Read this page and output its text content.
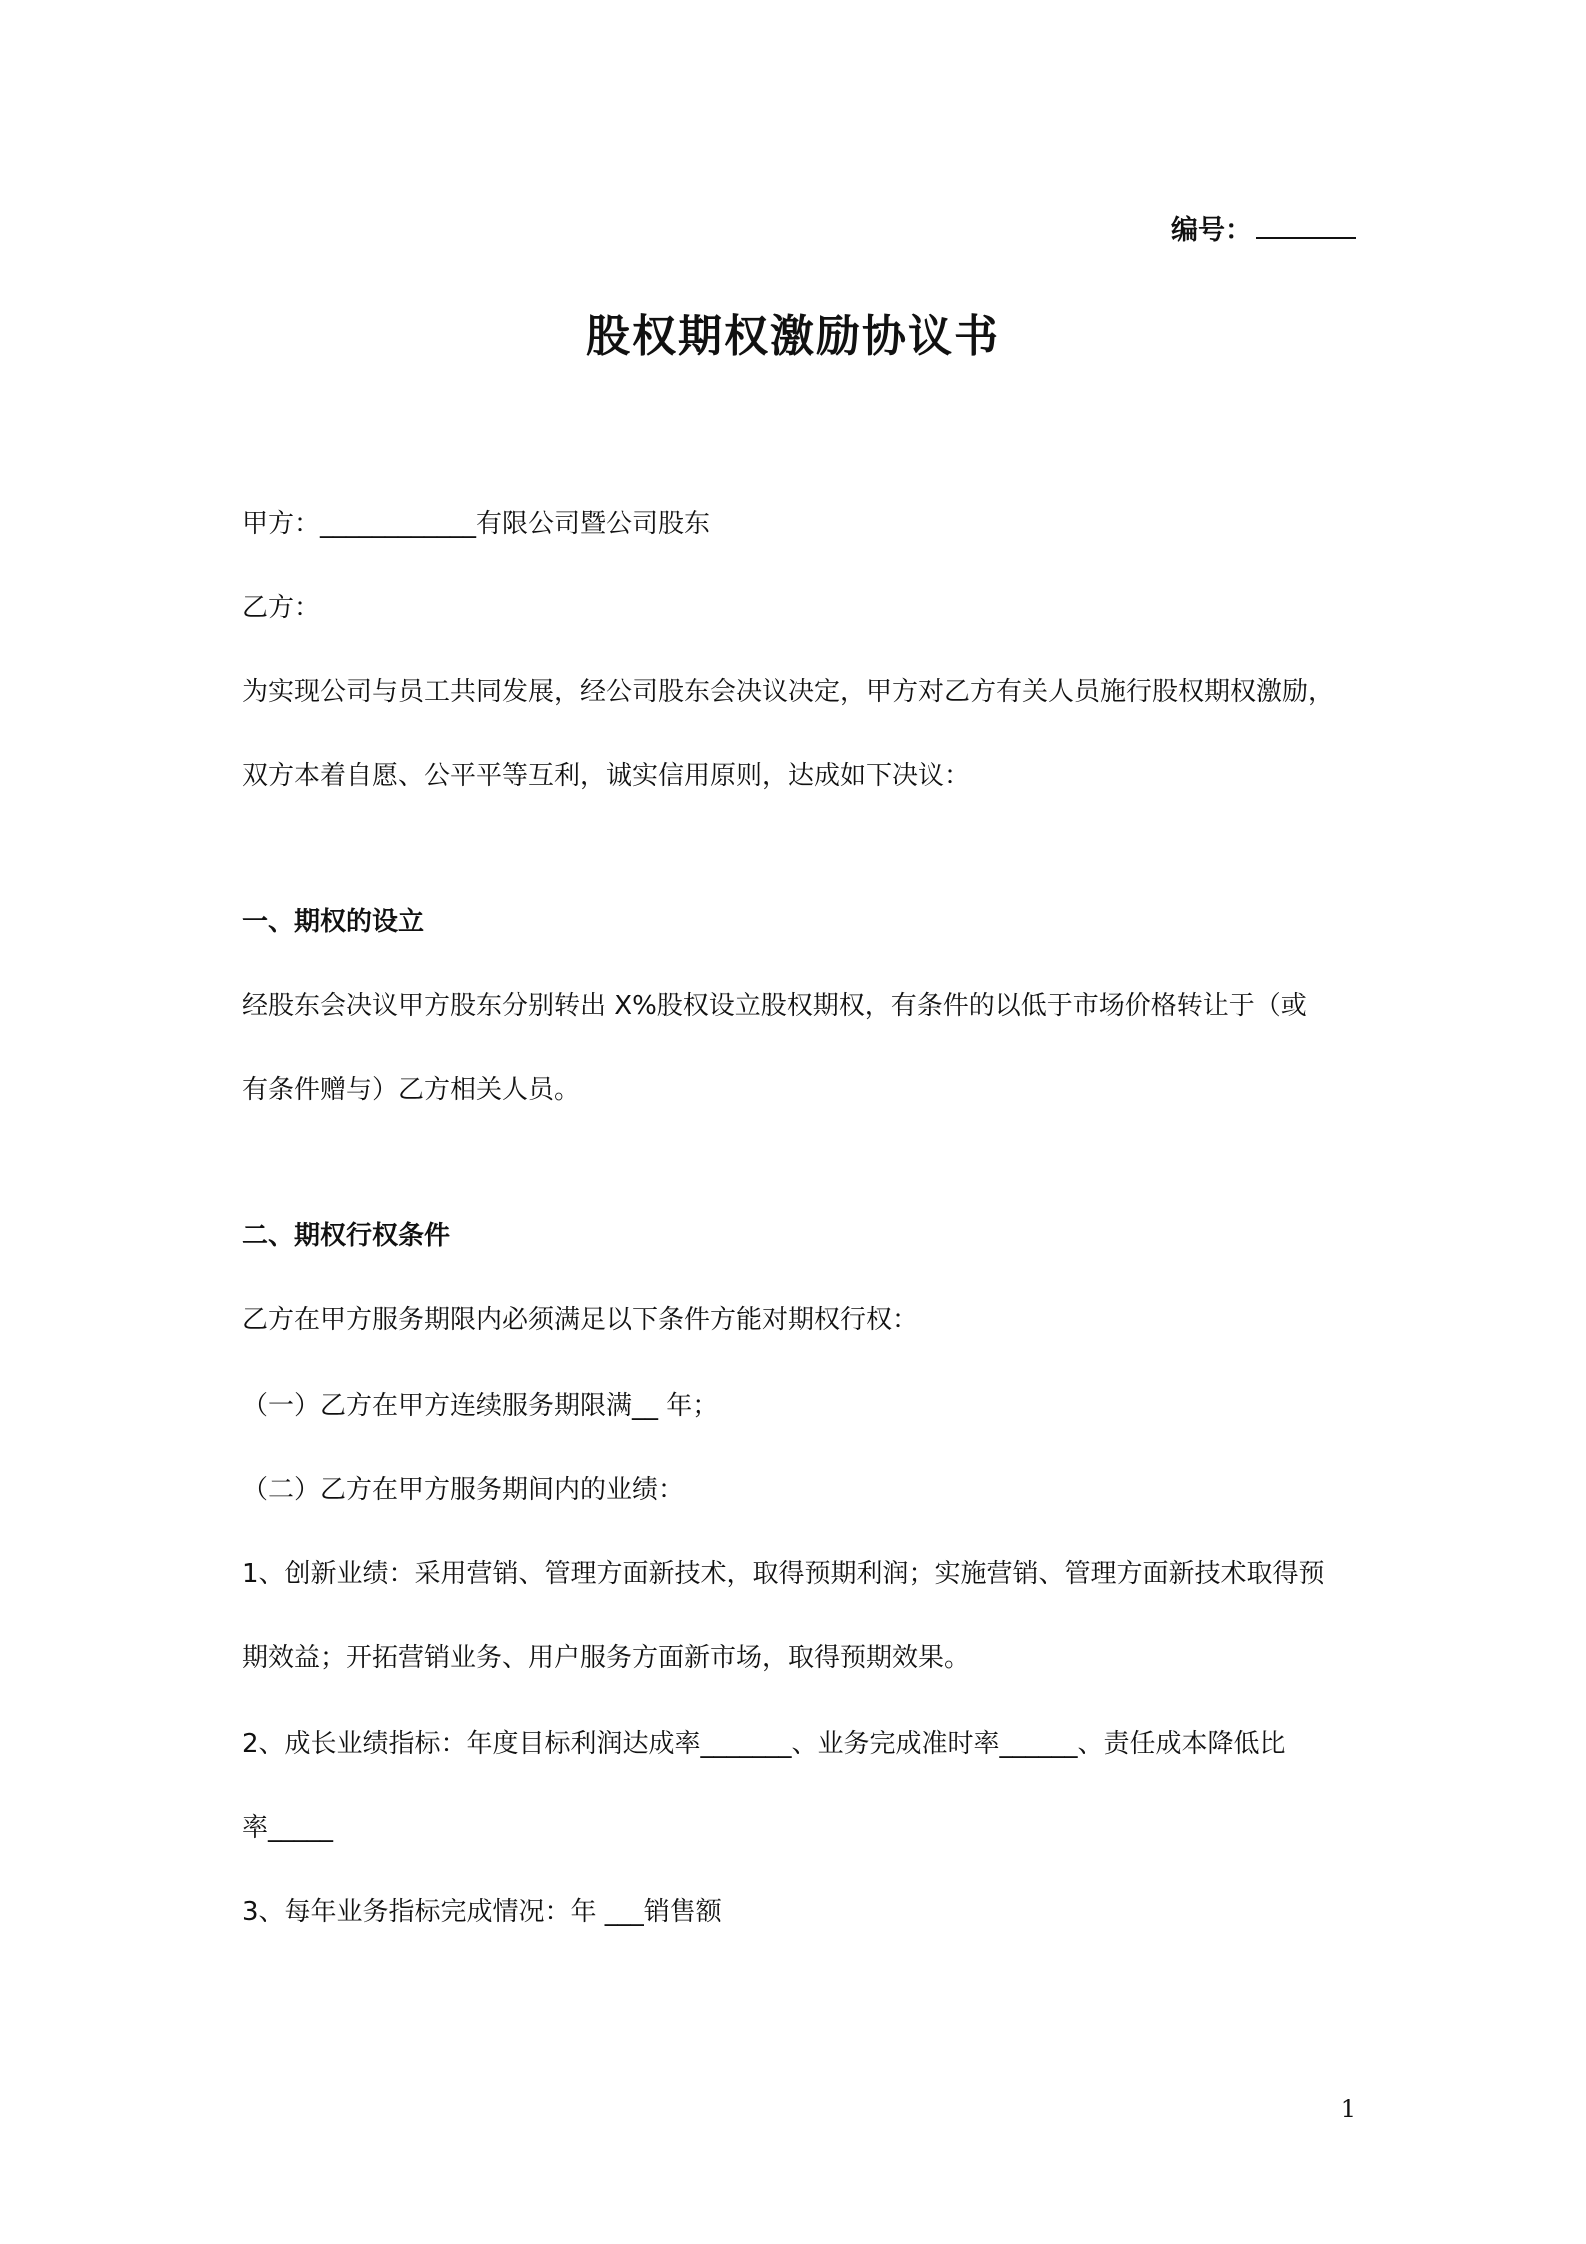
编号：
股权期权激励协议书
甲方：____________有限公司暨公司股东
乙方：
为实现公司与员工共同发展，经公司股东会决议决定，甲方对乙方有关人员施行股权期权激励，
双方本着自愿、公平平等互利，诚实信用原则，达成如下决议：
一、期权的设立
经股东会决议甲方股东分别转出 X%股权设立股权期权，有条件的以低于市场价格转让于（或
有条件赠与）乙方相关人员。
二、期权行权条件
乙方在甲方服务期限内必须满足以下条件方能对期权行权：
（一）乙方在甲方连续服务期限满__ 年；
（二）乙方在甲方服务期间内的业绩：
1、创新业绩：采用营销、管理方面新技术，取得预期利润；实施营销、管理方面新技术取得预
期效益；开拓营销业务、用户服务方面新市场，取得预期效果。
2、成长业绩指标：年度目标利润达成率_______、业务完成准时率______、责任成本降低比
率_____
3、每年业务指标完成情况：年 ___销售额
1
